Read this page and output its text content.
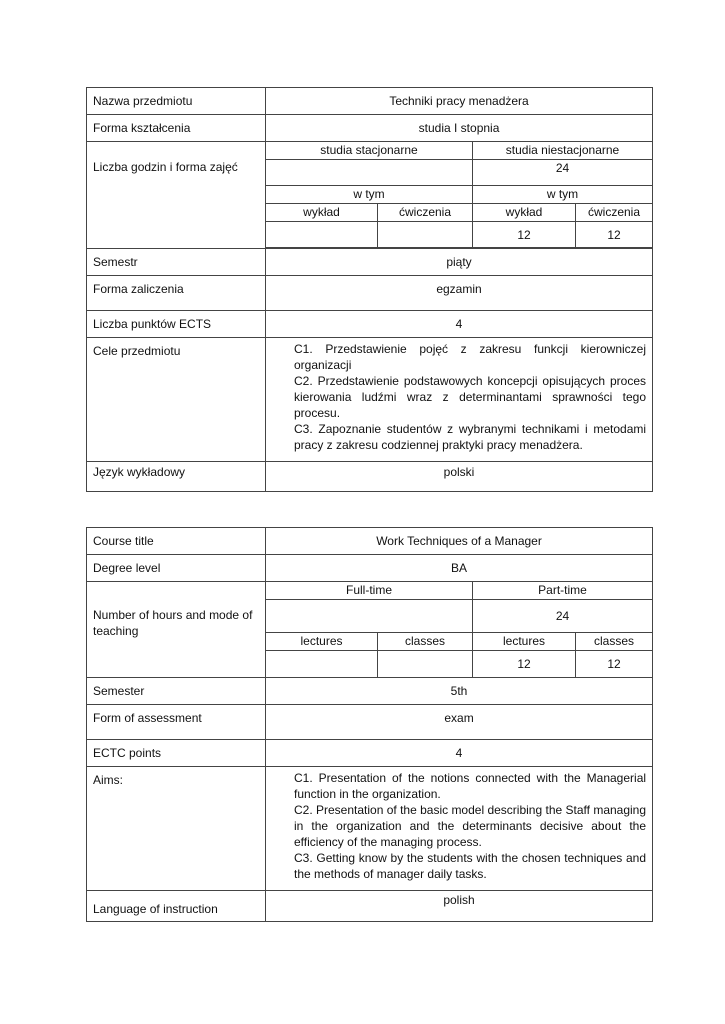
Nazwa przedmiotu	Techniki pracy menadżera			
Forma kształcenia	studia I stopnia			
Liczba godzin i forma zajęć	studia stacjonarne		studia niestacjonarne	
			24	
	w tym		w tym	
	wykład	ćwiczenia	wykład	ćwiczenia
			12	12

Semestr	piąty			
Forma zaliczenia	egzamin			
Liczba punktów ECTS	4			
Cele przedmiotu	C1. Przedstawienie pojęć z zakresu funkcji kierowniczej organizacji

C2. Przedstawienie podstawowych koncepcji opisujących proces kierowania ludźmi wraz z determinantami sprawności tego procesu.

C3. Zapoznanie studentów z wybranymi technikami i metodami pracy z zakresu codziennej praktyki pracy menadżera.			

Język wykładowy	polski			
Course title	Work Techniques of a Manager			
Degree level	BA			
Number of hours and mode of teaching	Full-time		Part-time	
			24	
	lectures	classes	lectures	classes
			12	12
Semester	5th			
Form of assessment	exam			
ECTC points	4			
Aims:	C1. Presentation of the notions connected with the Managerial function in the organization.

C2. Presentation of the basic model describing the Staff managing in the organization and the determinants decisive about the efficiency of the managing process.

C3. Getting know by the students with the chosen techniques and the methods of manager daily tasks.			

Language of instruction	polish			
